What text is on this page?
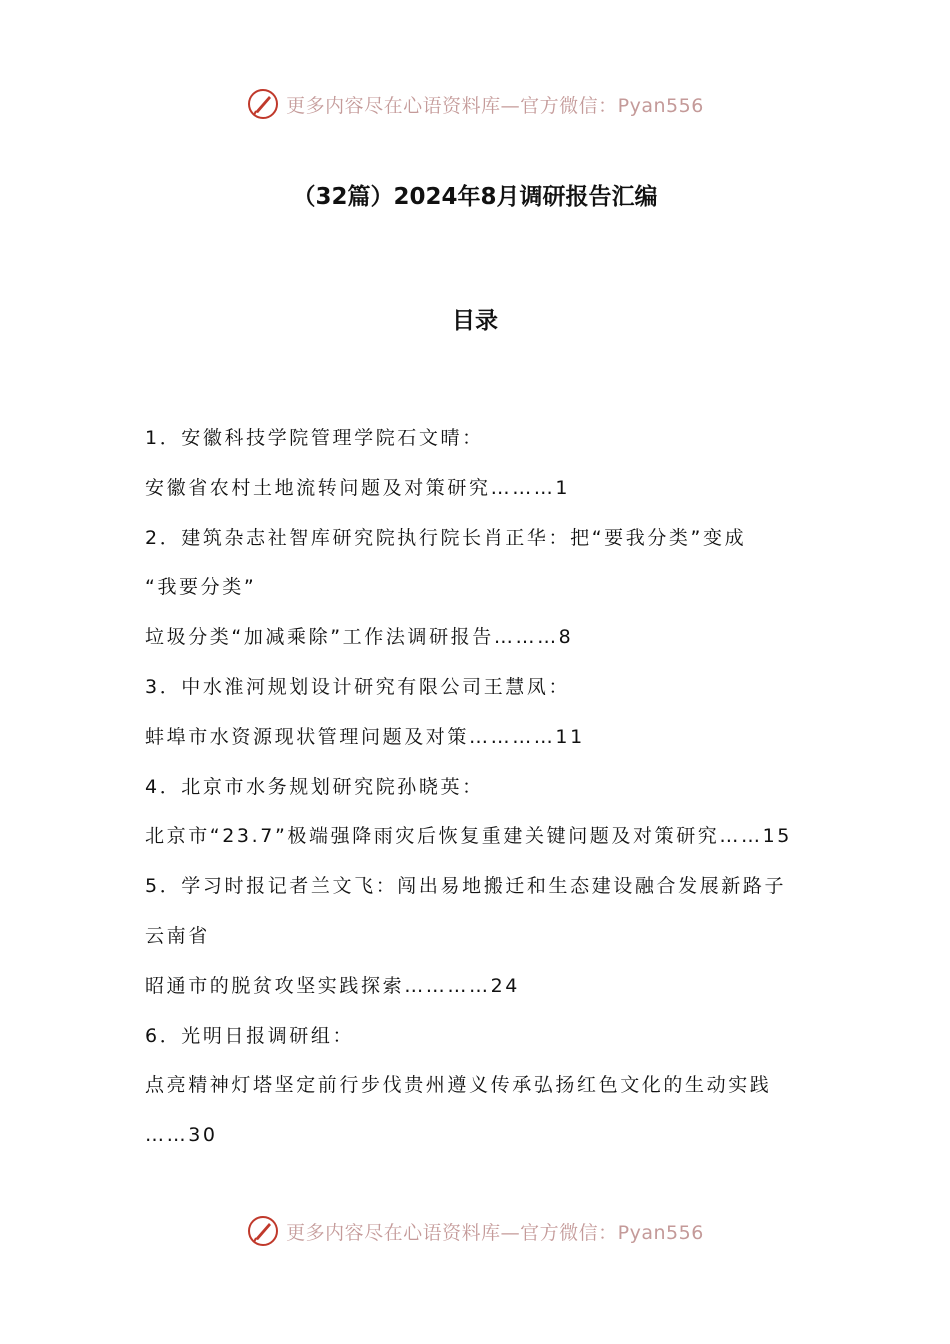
更多内容尽在心语资料库—官方微信：Pyan556
（32篇）2024年8月调研报告汇编
目录
1．安徽科技学院管理学院石文晴：
安徽省农村土地流转问题及对策研究………1
2．建筑杂志社智库研究院执行院长肖正华：把“要我分类”变成
“我要分类”
垃圾分类“加减乘除”工作法调研报告………8
3．中水淮河规划设计研究有限公司王慧凤：
蚌埠市水资源现状管理问题及对策…………11
4．北京市水务规划研究院孙晓英：
北京市“23.7”极端强降雨灾后恢复重建关键问题及对策研究……15
5．学习时报记者兰文飞：闯出易地搬迁和生态建设融合发展新路子
云南省
昭通市的脱贫攻坚实践探索…………24
6．光明日报调研组：
点亮精神灯塔坚定前行步伐贵州遵义传承弘扬红色文化的生动实践
……30
更多内容尽在心语资料库—官方微信：Pyan556
